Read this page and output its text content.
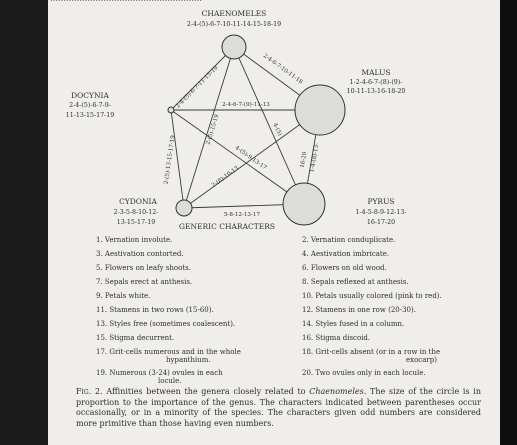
CHAENOMELES
2-4-(5)-6-7-10-11-14-15-18-19
MALUS
1-2-4-6-7-(8)-(9)-
10-11-13-16-18-20
DOCYNIA
2-4-(5)-6-7-9-
11-13-15-17-19
CYDONIA
2-3-5-8-10-12-
13-15-17-19
PYRUS
1-4-5-8-9-12-13-
16-17-20
2-4-(5)-6-7-11-15-19	2-4-6-7-10-11-18
2-4-6-7-(9)-11-13
2-(5)-13-15-17-19
2-(5)-15-19
2-(8)-10-13
1-4-(8)-13-
16-20
4-(5)-9-13-17
4-(5)
5-8-12-13-17
GENERIC CHARACTERS
1. Vernation involute.
3. Aestivation contorted.
5. Flowers on leafy shoots.
7. Sepals erect at anthesis.
9. Petals white.
11. Stamens in two rows (15-60).
13. Styles free (sometimes coalescent).
15. Stigma decurrent.
17. Grit-cells numerous and in the whole
hypanthium.
19. Numerous (3-24) ovules in each
locule.
2. Vernation conduplicate.
4. Aestivation imbricate.
6. Flowers on old wood.
8. Sepals reflexed at anthesis.
10. Petals usually colored (pink to red).
12. Stamens in one row (20-30).
14. Styles fused in a column.
16. Stigma discoid.
18. Grit-cells absent (or in a row in the
exocarp)
20. Two ovules only in each locule.
Fig. 2. Affinities between the genera closely related to Chaenomeles. The size of the circle is in proportion to the importance of the genus. The characters indicated between parentheses occur occasionally, or in a minority of the species. The characters given odd numbers are considered more primitive than those having even numbers.
